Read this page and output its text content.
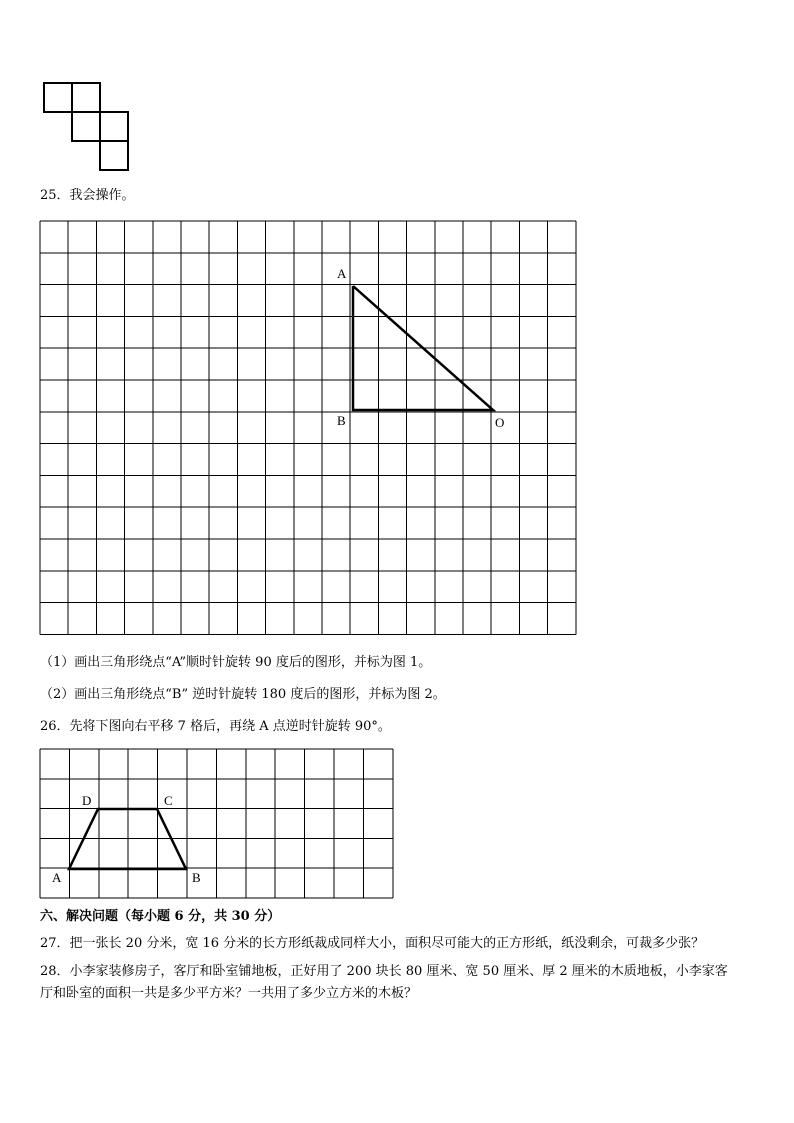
25．我会操作。
A
B	O
（1）画出三角形绕点“A”顺时针旋转 90 度后的图形，并标为图 1。
（2）画出三角形绕点“B” 逆时针旋转 180 度后的图形，并标为图 2。
26．先将下图向右平移 7 格后，再绕 A 点逆时针旋转 90°。
D	C
A	B
六、解决问题（每小题 6 分，共 30 分）
27．把一张长 20 分米，宽 16 分米的长方形纸裁成同样大小，面积尽可能大的正方形纸，纸没剩余，可裁多少张？
28．小李家装修房子，客厅和卧室铺地板，正好用了 200 块长 80 厘米、宽 50 厘米、厚 2 厘米的木质地板，小李家客
厅和卧室的面积一共是多少平方米？一共用了多少立方米的木板？
